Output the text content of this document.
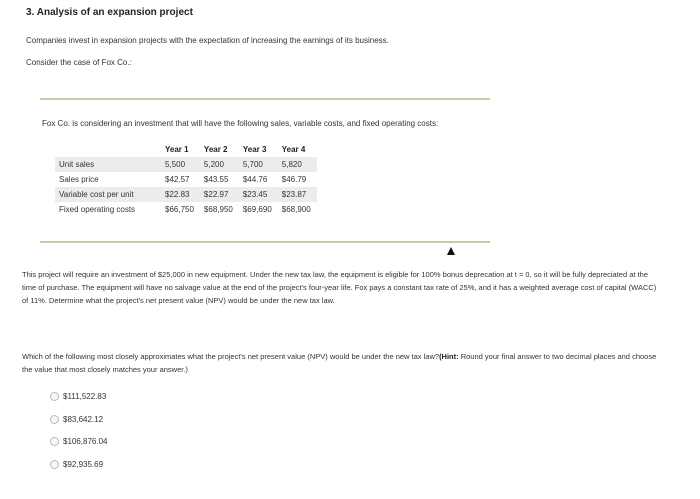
3. Analysis of an expansion project
Companies invest in expansion projects with the expectation of increasing the earnings of its business.
Consider the case of Fox Co.:
Fox Co. is considering an investment that will have the following sales, variable costs, and fixed operating costs:
	Year 1	Year 2	Year 3	Year 4
Unit sales	5,500	5,200	5,700	5,820
Sales price	$42.57	$43.55	$44.76	$46.79
Variable cost per unit	$22.83	$22.97	$23.45	$23.87
Fixed operating costs	$66,750	$68,950	$69,690	$68,900
This project will require an investment of $25,000 in new equipment. Under the new tax law, the equipment is eligible for 100% bonus deprecation at t = 0, so it will be fully depreciated at the time of purchase. The equipment will have no salvage value at the end of the project's four-year life. Fox pays a constant tax rate of 25%, and it has a weighted average cost of capital (WACC) of 11%. Determine what the project's net present value (NPV) would be under the new tax law.
Which of the following most closely approximates what the project's net present value (NPV) would be under the new tax law?(Hint: Round your final answer to two decimal places and choose the value that most closely matches your answer.)
$111,522.83
$83,642.12
$106,876.04
$92,935.69
